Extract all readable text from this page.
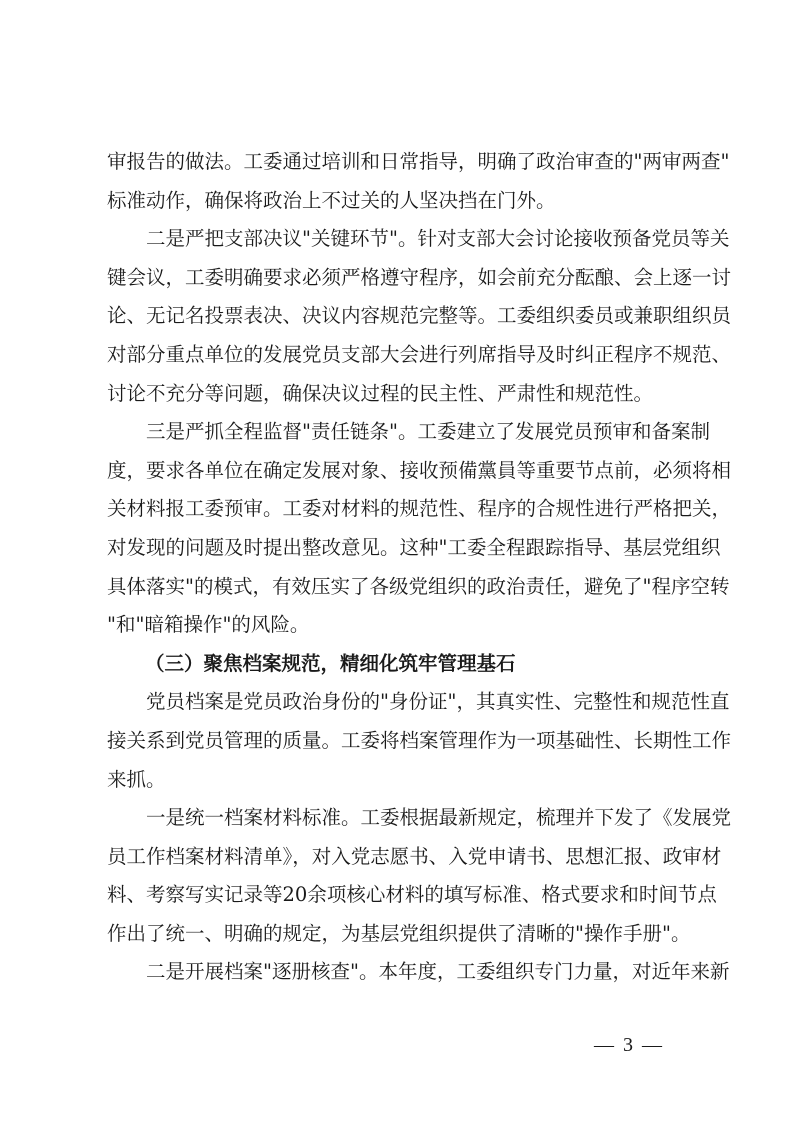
审报告的做法。工委通过培训和日常指导，明确了政治审查的"两审两查"
标准动作，确保将政治上不过关的人坚决挡在门外。
二是严把支部决议"关键环节"。针对支部大会讨论接收预备党员等关
键会议，工委明确要求必须严格遵守程序，如会前充分酝酿、会上逐一讨
论、无记名投票表决、决议内容规范完整等。工委组织委员或兼职组织员
对部分重点单位的发展党员支部大会进行列席指导及时纠正程序不规范、
讨论不充分等问题，确保决议过程的民主性、严肃性和规范性。
三是严抓全程监督"责任链条"。工委建立了发展党员预审和备案制
度，要求各单位在确定发展对象、接收预備黨員等重要节点前，必须将相
关材料报工委预审。工委对材料的规范性、程序的合规性进行严格把关，
对发现的问题及时提出整改意见。这种"工委全程跟踪指导、基层党组织
具体落实"的模式，有效压实了各级党组织的政治责任，避免了"程序空转
"和"暗箱操作"的风险。
（三）聚焦档案规范，精细化筑牢管理基石
党员档案是党员政治身份的"身份证"，其真实性、完整性和规范性直
接关系到党员管理的质量。工委将档案管理作为一项基础性、长期性工作
来抓。
一是统一档案材料标准。工委根据最新规定，梳理并下发了《发展党
员工作档案材料清单》，对入党志愿书、入党申请书、思想汇报、政审材
料、考察写实记录等20余项核心材料的填写标准、格式要求和时间节点
作出了统一、明确的规定，为基层党组织提供了清晰的"操作手册"。
二是开展档案"逐册核查"。本年度，工委组织专门力量，对近年来新
— 3 —
